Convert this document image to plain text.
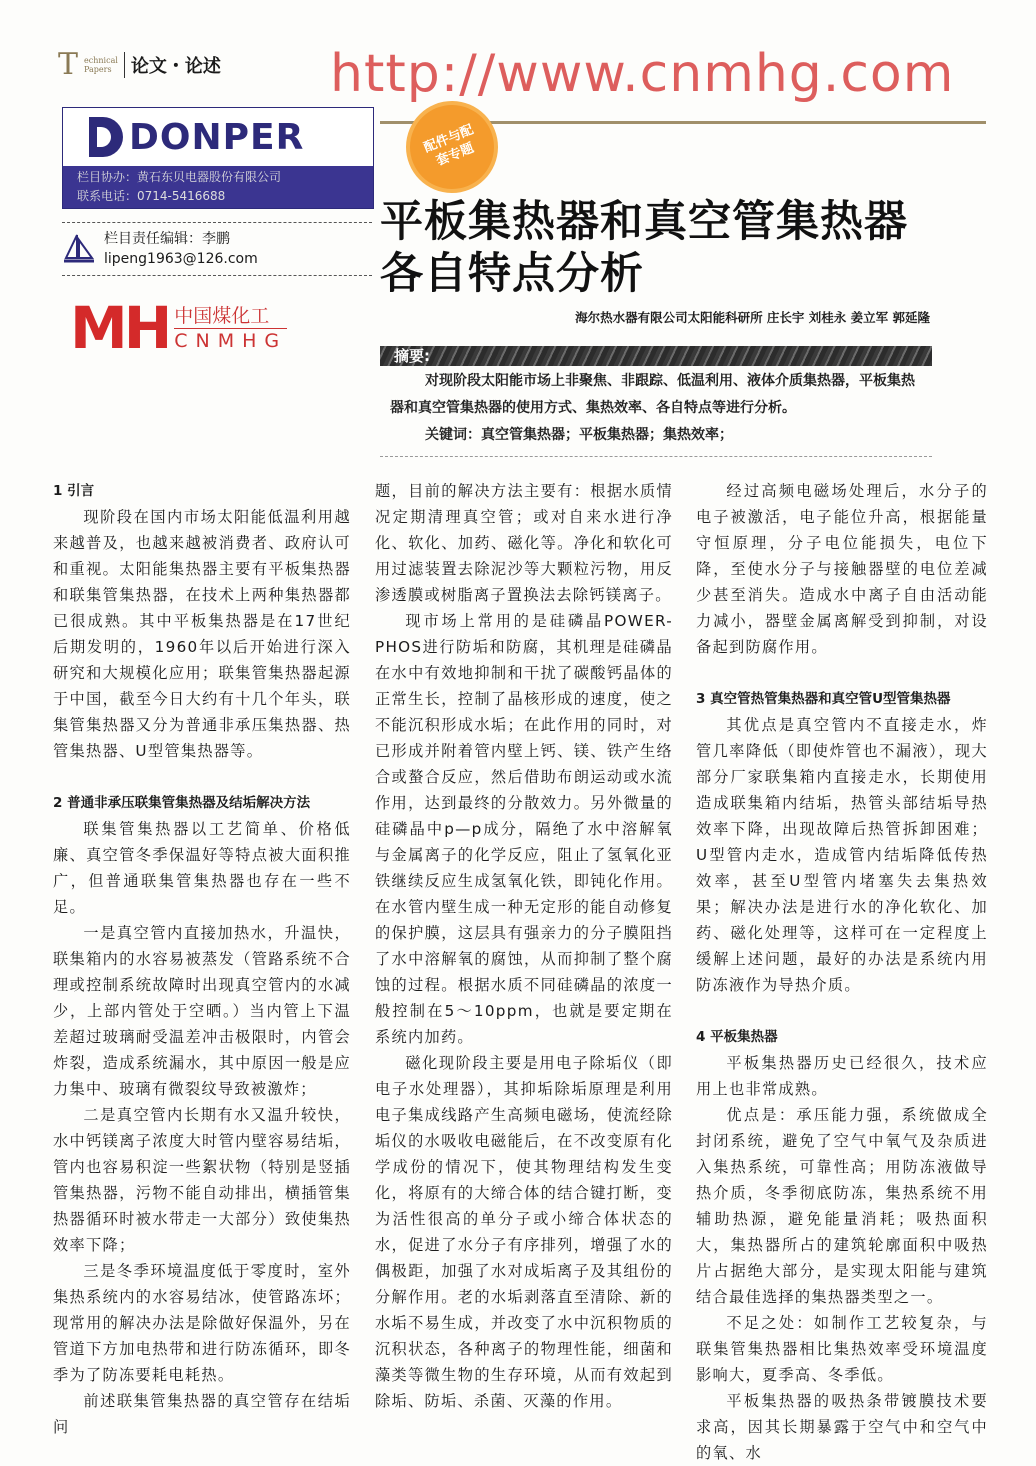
T echnical
Papers	论文・论述
DONPER
栏目协办：黄石东贝电器股份有限公司
联系电话：0714-5416688
栏目责任编辑：李鹏
lipeng1963@126.com
配件与配套专题
平板集热器和真空管集热器
各自特点分析
海尔热水器有限公司太阳能科研所 庄长宇 刘桂永 姜立军 郭延隆
摘要:

对现阶段太阳能市场上非聚焦、非跟踪、低温利用、液体介质集热器，平板集热器和真空管集热器的使用方式、集热效率、各自特点等进行分析。

关键词：真空管集热器；平板集热器；集热效率；
1 引言

现阶段在国内市场太阳能低温利用越来越普及，也越来越被消费者、政府认可和重视。太阳能集热器主要有平板集热器和联集管集热器，在技术上两种集热器都已很成熟。其中平板集热器是在17世纪后期发明的，1960年以后开始进行深入研究和大规模化应用；联集管集热器起源于中国，截至今日大约有十几个年头，联集管集热器又分为普通非承压集热器、热管集热器、U型管集热器等。

2 普通非承压联集管集热器及结垢解决方法

联集管集热器以工艺简单、价格低廉、真空管冬季保温好等特点被大面积推广，但普通联集管集热器也存在一些不足。

一是真空管内直接加热水，升温快，联集箱内的水容易被蒸发（管路系统不合理或控制系统故障时出现真空管内的水减少，上部内管处于空晒。）当内管上下温差超过玻璃耐受温差冲击极限时，内管会炸裂，造成系统漏水，其中原因一般是应力集中、玻璃有微裂纹导致被激炸；

二是真空管内长期有水又温升较快，水中钙镁离子浓度大时管内壁容易结垢，管内也容易积淀一些絮状物（特别是竖插管集热器，污物不能自动排出，横插管集热器循环时被水带走一大部分）致使集热效率下降；

三是冬季环境温度低于零度时，室外集热系统内的水容易结冰，使管路冻坏；现常用的解决办法是除做好保温外，另在管道下方加电热带和进行防冻循环，即冬季为了防冻要耗电耗热。

前述联集管集热器的真空管存在结垢问

题，目前的解决方法主要有：根据水质情况定期清理真空管；或对自来水进行净化、软化、加药、磁化等。净化和软化可用过滤装置去除泥沙等大颗粒污物，用反渗透膜或树脂离子置换法去除钙镁离子。

现市场上常用的是硅磷晶POWER-PHOS进行防垢和防腐，其机理是硅磷晶在水中有效地抑制和干扰了碳酸钙晶体的正常生长，控制了晶核形成的速度，使之不能沉积形成水垢；在此作用的同时，对已形成并附着管内壁上钙、镁、铁产生络合或螯合反应，然后借助布朗运动或水流作用，达到最终的分散效力。另外微量的硅磷晶中p—p成分，隔绝了水中溶解氧与金属离子的化学反应，阻止了氢氧化亚铁继续反应生成氢氧化铁，即钝化作用。在水管内壁生成一种无定形的能自动修复的保护膜，这层具有强亲力的分子膜阻挡了水中溶解氧的腐蚀，从而抑制了整个腐蚀的过程。根据水质不同硅磷晶的浓度一般控制在5～10ppm，也就是要定期在系统内加药。

磁化现阶段主要是用电子除垢仪（即电子水处理器），其抑垢除垢原理是利用电子集成线路产生高频电磁场，使流经除垢仪的水吸收电磁能后，在不改变原有化学成份的情况下，使其物理结构发生变化，将原有的大缔合体的结合键打断，变为活性很高的单分子或小缔合体状态的水，促进了水分子有序排列，增强了水的偶极距，加强了水对成垢离子及其组份的分解作用。老的水垢剥落直至清除、新的水垢不易生成，并改变了水中沉积物质的沉积状态，各种离子的物理性能，细菌和藻类等微生物的生存环境，从而有效起到除垢、防垢、杀菌、灭藻的作用。

经过高频电磁场处理后，水分子的电子被激活，电子能位升高，根据能量守恒原理，分子电位能损失，电位下降，至使水分子与接触器壁的电位差减少甚至消失。造成水中离子自由活动能力减小，器壁金属离解受到抑制，对设备起到防腐作用。

3 真空管热管集热器和真空管U型管集热器

其优点是真空管内不直接走水，炸管几率降低（即使炸管也不漏液），现大部分厂家联集箱内直接走水，长期使用造成联集箱内结垢，热管头部结垢导热效率下降，出现故障后热管拆卸困难；U型管内走水，造成管内结垢降低传热效率，甚至U型管内堵塞失去集热效果；解决办法是进行水的净化软化、加药、磁化处理等，这样可在一定程度上缓解上述问题，最好的办法是系统内用防冻液作为导热介质。

4 平板集热器

平板集热器历史已经很久，技术应用上也非常成熟。

优点是：承压能力强，系统做成全封闭系统，避免了空气中氧气及杂质进入集热系统，可靠性高；用防冻液做导热介质，冬季彻底防冻，集热系统不用辅助热源，避免能量消耗；吸热面积大，集热器所占的建筑轮廓面积中吸热片占据绝大部分，是实现太阳能与建筑结合最佳选择的集热器类型之一。

不足之处：如制作工艺较复杂，与联集管集热器相比集热效率受环境温度影响大，夏季高、冬季低。

平板集热器的吸热条带镀膜技术要求高，因其长期暴露于空气中和空气中的氧、水

http://www.cnmhg.com
MH 中国煤化工
CNMHG
